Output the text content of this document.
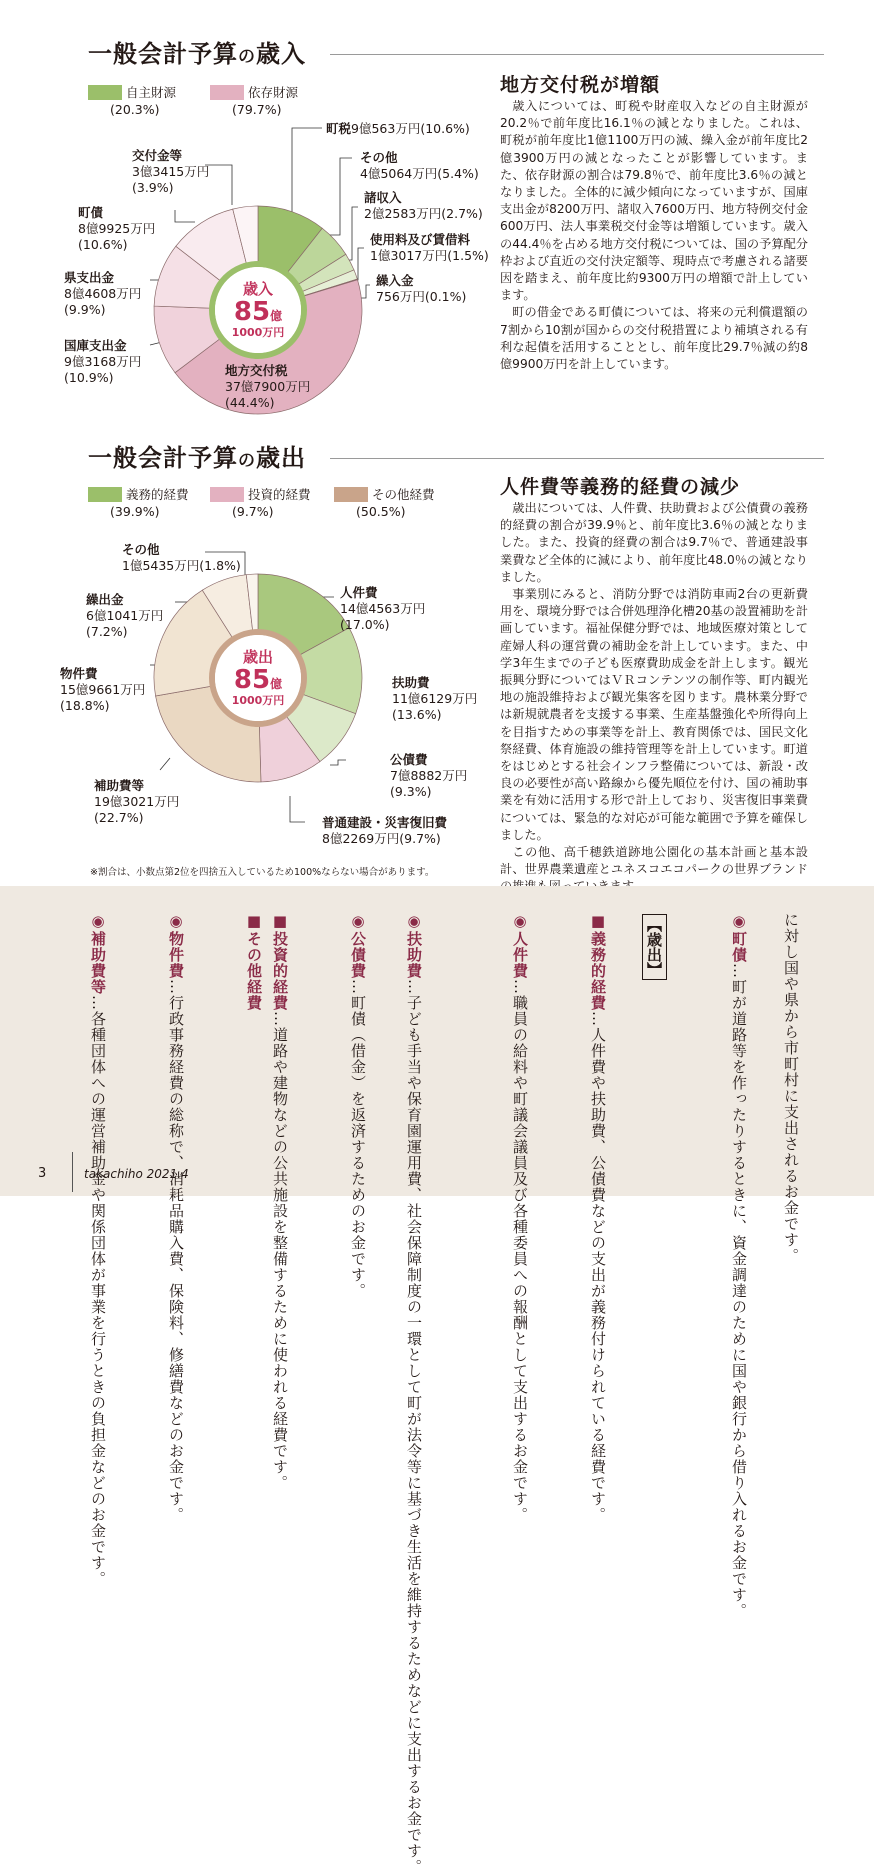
一般会計予算の歳入
自主財源
(20.3%)
依存財源
(79.7%)
歳入
85億
1000万円
町税9億563万円(10.6%)
その他
4億5064万円(5.4%)
諸収入
2億2583万円(2.7%)
使用料及び賃借料
1億3017万円(1.5%)
繰入金
756万円(0.1%)
地方交付税
37億7900万円
(44.4%)
国庫支出金
9億3168万円
(10.9%)
県支出金
8億4608万円
(9.9%)
町債
8億9925万円
(10.6%)
交付金等
3億3415万円
(3.9%)
地方交付税が増額

歳入については、町税や財産収入などの自主財源が20.2％で前年度比16.1％の減となりました。これは、町税が前年度比1億1100万円の減、繰入金が前年度比2億3900万円の減となったことが影響しています。また、依存財源の割合は79.8％で、前年度比3.6％の減となりました。全体的に減少傾向になっていますが、国庫支出金が8200万円、諸収入7600万円、地方特例交付金600万円、法人事業税交付金等は増額しています。歳入の44.4％を占める地方交付税については、国の予算配分枠および直近の交付決定額等、現時点で考慮される諸要因を踏まえ、前年度比約9300万円の増額で計上しています。

町の借金である町債については、将来の元利償還額の7割から10割が国からの交付税措置により補填される有利な起債を活用することとし、前年度比29.7％減の約8億9900万円を計上しています。

一般会計予算の歳出
義務的経費
(39.9%)
投資的経費
(9.7%)
その他経費
(50.5%)
歳出
85億
1000万円
人件費
14億4563万円
(17.0%)
扶助費
11億6129万円
(13.6%)
公債費
7億8882万円
(9.3%)
普通建設・災害復旧費
8億2269万円(9.7%)
補助費等
19億3021万円
(22.7%)
物件費
15億9661万円
(18.8%)
繰出金
6億1041万円
(7.2%)
その他
1億5435万円(1.8%)
※割合は、小数点第2位を四捨五入しているため100%ならない場合があります。
人件費等義務的経費の減少

歳出については、人件費、扶助費および公債費の義務的経費の割合が39.9％と、前年度比3.6％の減となりました。また、投資的経費の割合は9.7％で、普通建設事業費など全体的に減により、前年度比48.0％の減となりました。

事業別にみると、消防分野では消防車両2台の更新費用を、環境分野では合併処理浄化槽20基の設置補助を計画しています。福祉保健分野では、地域医療対策として産婦人科の運営費の補助金を計上しています。また、中学3年生までの子ども医療費助成金を計上します。観光振興分野についてはＶＲコンテンツの制作等、町内観光地の施設維持および観光集客を図ります。農林業分野では新規就農者を支援する事業、生産基盤強化や所得向上を目指すための事業等を計上、教育関係では、国民文化祭経費、体育施設の維持管理等を計上しています。町道をはじめとする社会インフラ整備については、新設・改良の必要性が高い路線から優先順位を付け、国の補助事業を有効に活用する形で計上しており、災害復旧事業費については、緊急的な対応が可能な範囲で予算を確保しました。

この他、高千穂鉄道跡地公園化の基本計画と基本設計、世界農業遺産とユネスコエコパークの世界ブランド

に対し国や県から市町村に支出されるお金です。
◉町債…町が道路等を作ったりするときに、資金調達のために国や銀行から借り入れるお金です。
【歳出】
■義務的経費…人件費や扶助費、公債費などの支出が義務付けられている経費です。
◉人件費…職員の給料や町議会議員及び各種委員への報酬として支出するお金です。
◉扶助費…子ども手当や保育園運用費、社会保障制度の一環として町が法令等に基づき生活を維持するためなどに支出するお金です。
◉公債費…町債（借金）を返済するためのお金です。
■投資的経費…道路や建物などの公共施設を整備するために使われる経費です。
■その他経費
◉物件費…行政事務経費の総称で、消耗品購入費、保険料、修繕費などのお金です。
◉補助費等…各種団体への運営補助金や関係団体が事業を行うときの負担金などのお金です。
3	takachiho 2021.4
